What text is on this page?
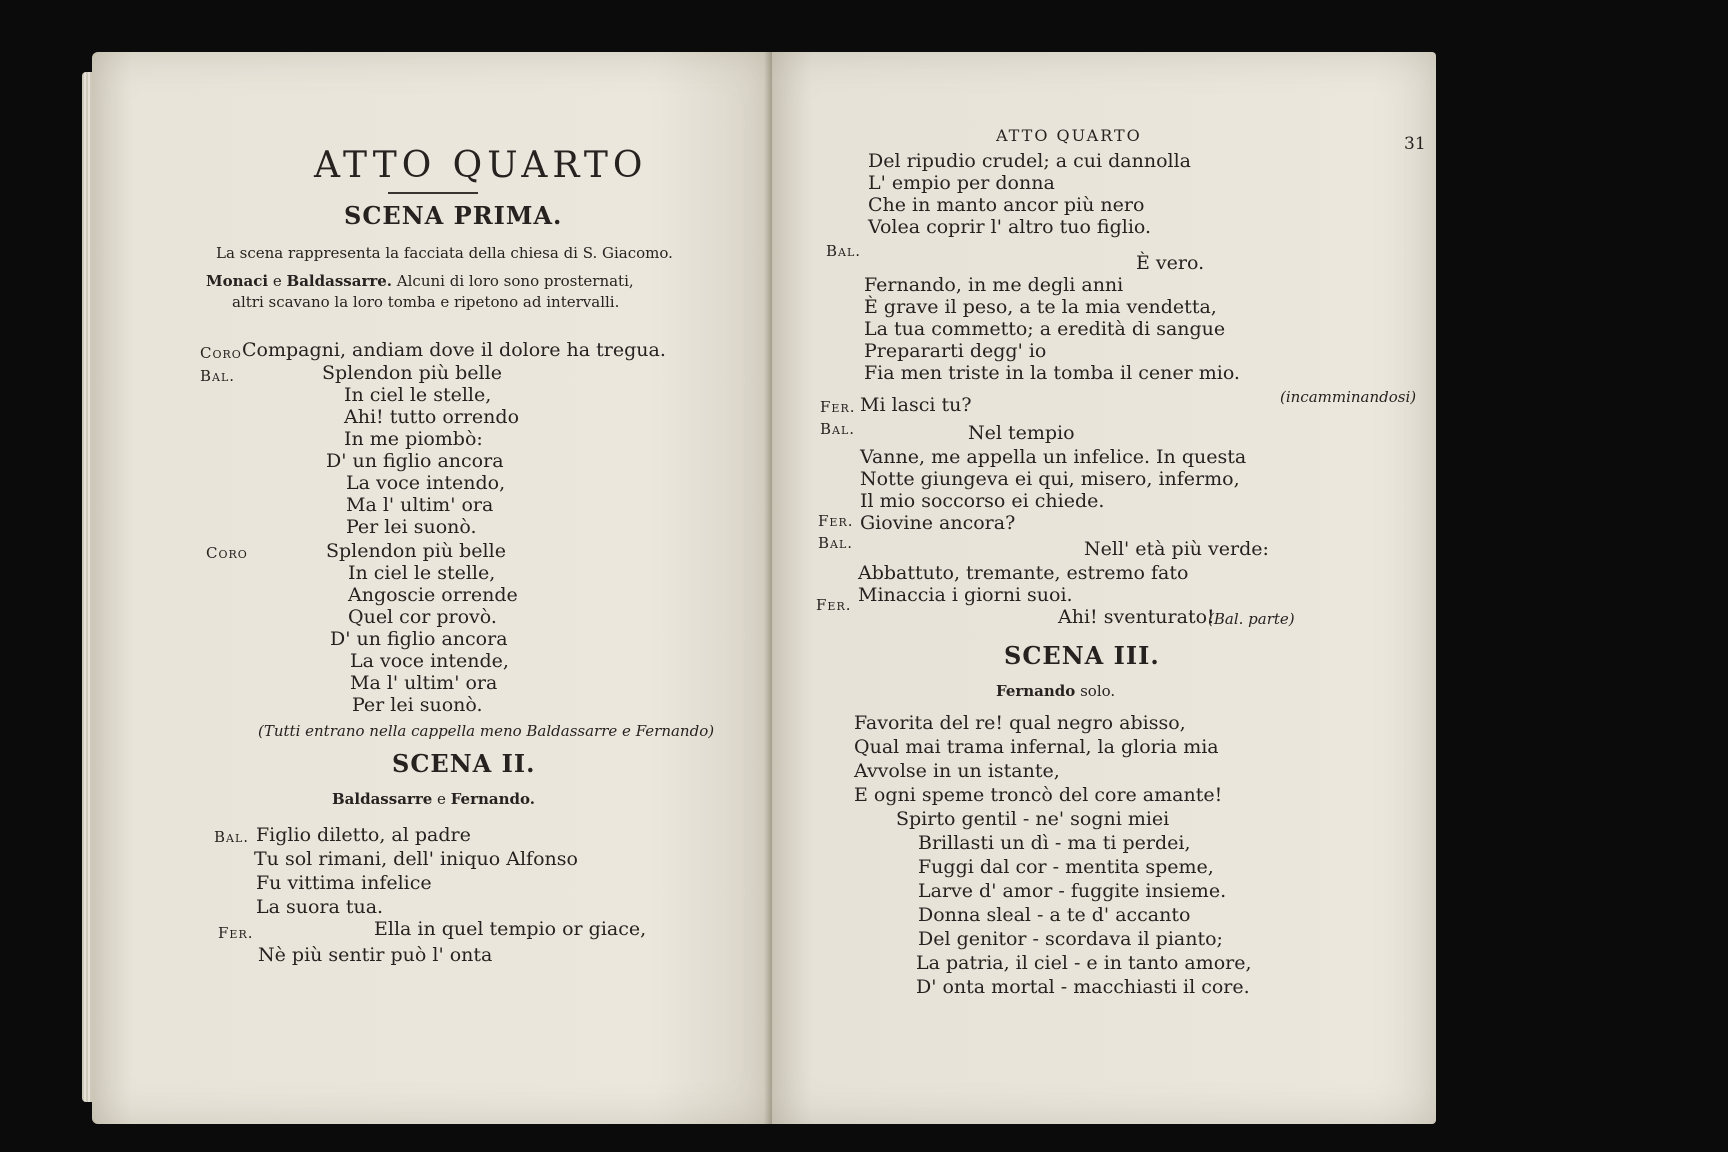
ATTO QUARTO
SCENA PRIMA.
La scena rappresenta la facciata della chiesa di S. Giacomo.
Monaci e Baldassarre. Alcuni di loro sono prosternati,
altri scavano la loro tomba e ripetono ad intervalli.
Coro Compagni, andiam dove il dolore ha tregua.
Bal.	Splendon più belle
In ciel le stelle,
Ahi! tutto orrendo
In me piombò:
D' un figlio ancora
La voce intendo,
Ma l' ultim' ora
Per lei suonò.
Coro	Splendon più belle
In ciel le stelle,
Angoscie orrende
Quel cor provò.
D' un figlio ancora
La voce intende,
Ma l' ultim' ora
Per lei suonò.
(Tutti entrano nella cappella meno Baldassarre e Fernando)
SCENA II.
Baldassarre e Fernando.
Bal. Figlio diletto, al padre
Tu sol rimani, dell' iniquo Alfonso
Fu vittima infelice
La suora tua.
Fer.	Ella in quel tempio or giace,
Nè più sentir può l' onta
ATTO QUARTO	31
Del ripudio crudel; a cui dannolla
L' empio per donna
Che in manto ancor più nero
Volea coprir l' altro tuo figlio.
Bal.
È vero.
Fernando, in me degli anni
È grave il peso, a te la mia vendetta,
La tua commetto; a eredità di sangue
Prepararti degg' io
Fia men triste in la tomba il cener mio.
(incamminandosi)
Fer. Mi lasci tu?
Bal.	Nel tempio
Vanne, me appella un infelice. In questa
Notte giungeva ei qui, misero, infermo,
Il mio soccorso ei chiede.
Fer. Giovine ancora?
Bal.	Nell' età più verde:
Abbattuto, tremante, estremo fato
Minaccia i giorni suoi.
Fer.
Ahi! sventurato!
(Bal. parte)
SCENA III.
Fernando solo.
Favorita del re! qual negro abisso,
Qual mai trama infernal, la gloria mia
Avvolse in un istante,
E ogni speme troncò del core amante!
Spirto gentil - ne' sogni miei
Brillasti un dì - ma ti perdei,
Fuggi dal cor - mentita speme,
Larve d' amor - fuggite insieme.
Donna sleal - a te d' accanto
Del genitor - scordava il pianto;
La patria, il ciel - e in tanto amore,
D' onta mortal - macchiasti il core.
